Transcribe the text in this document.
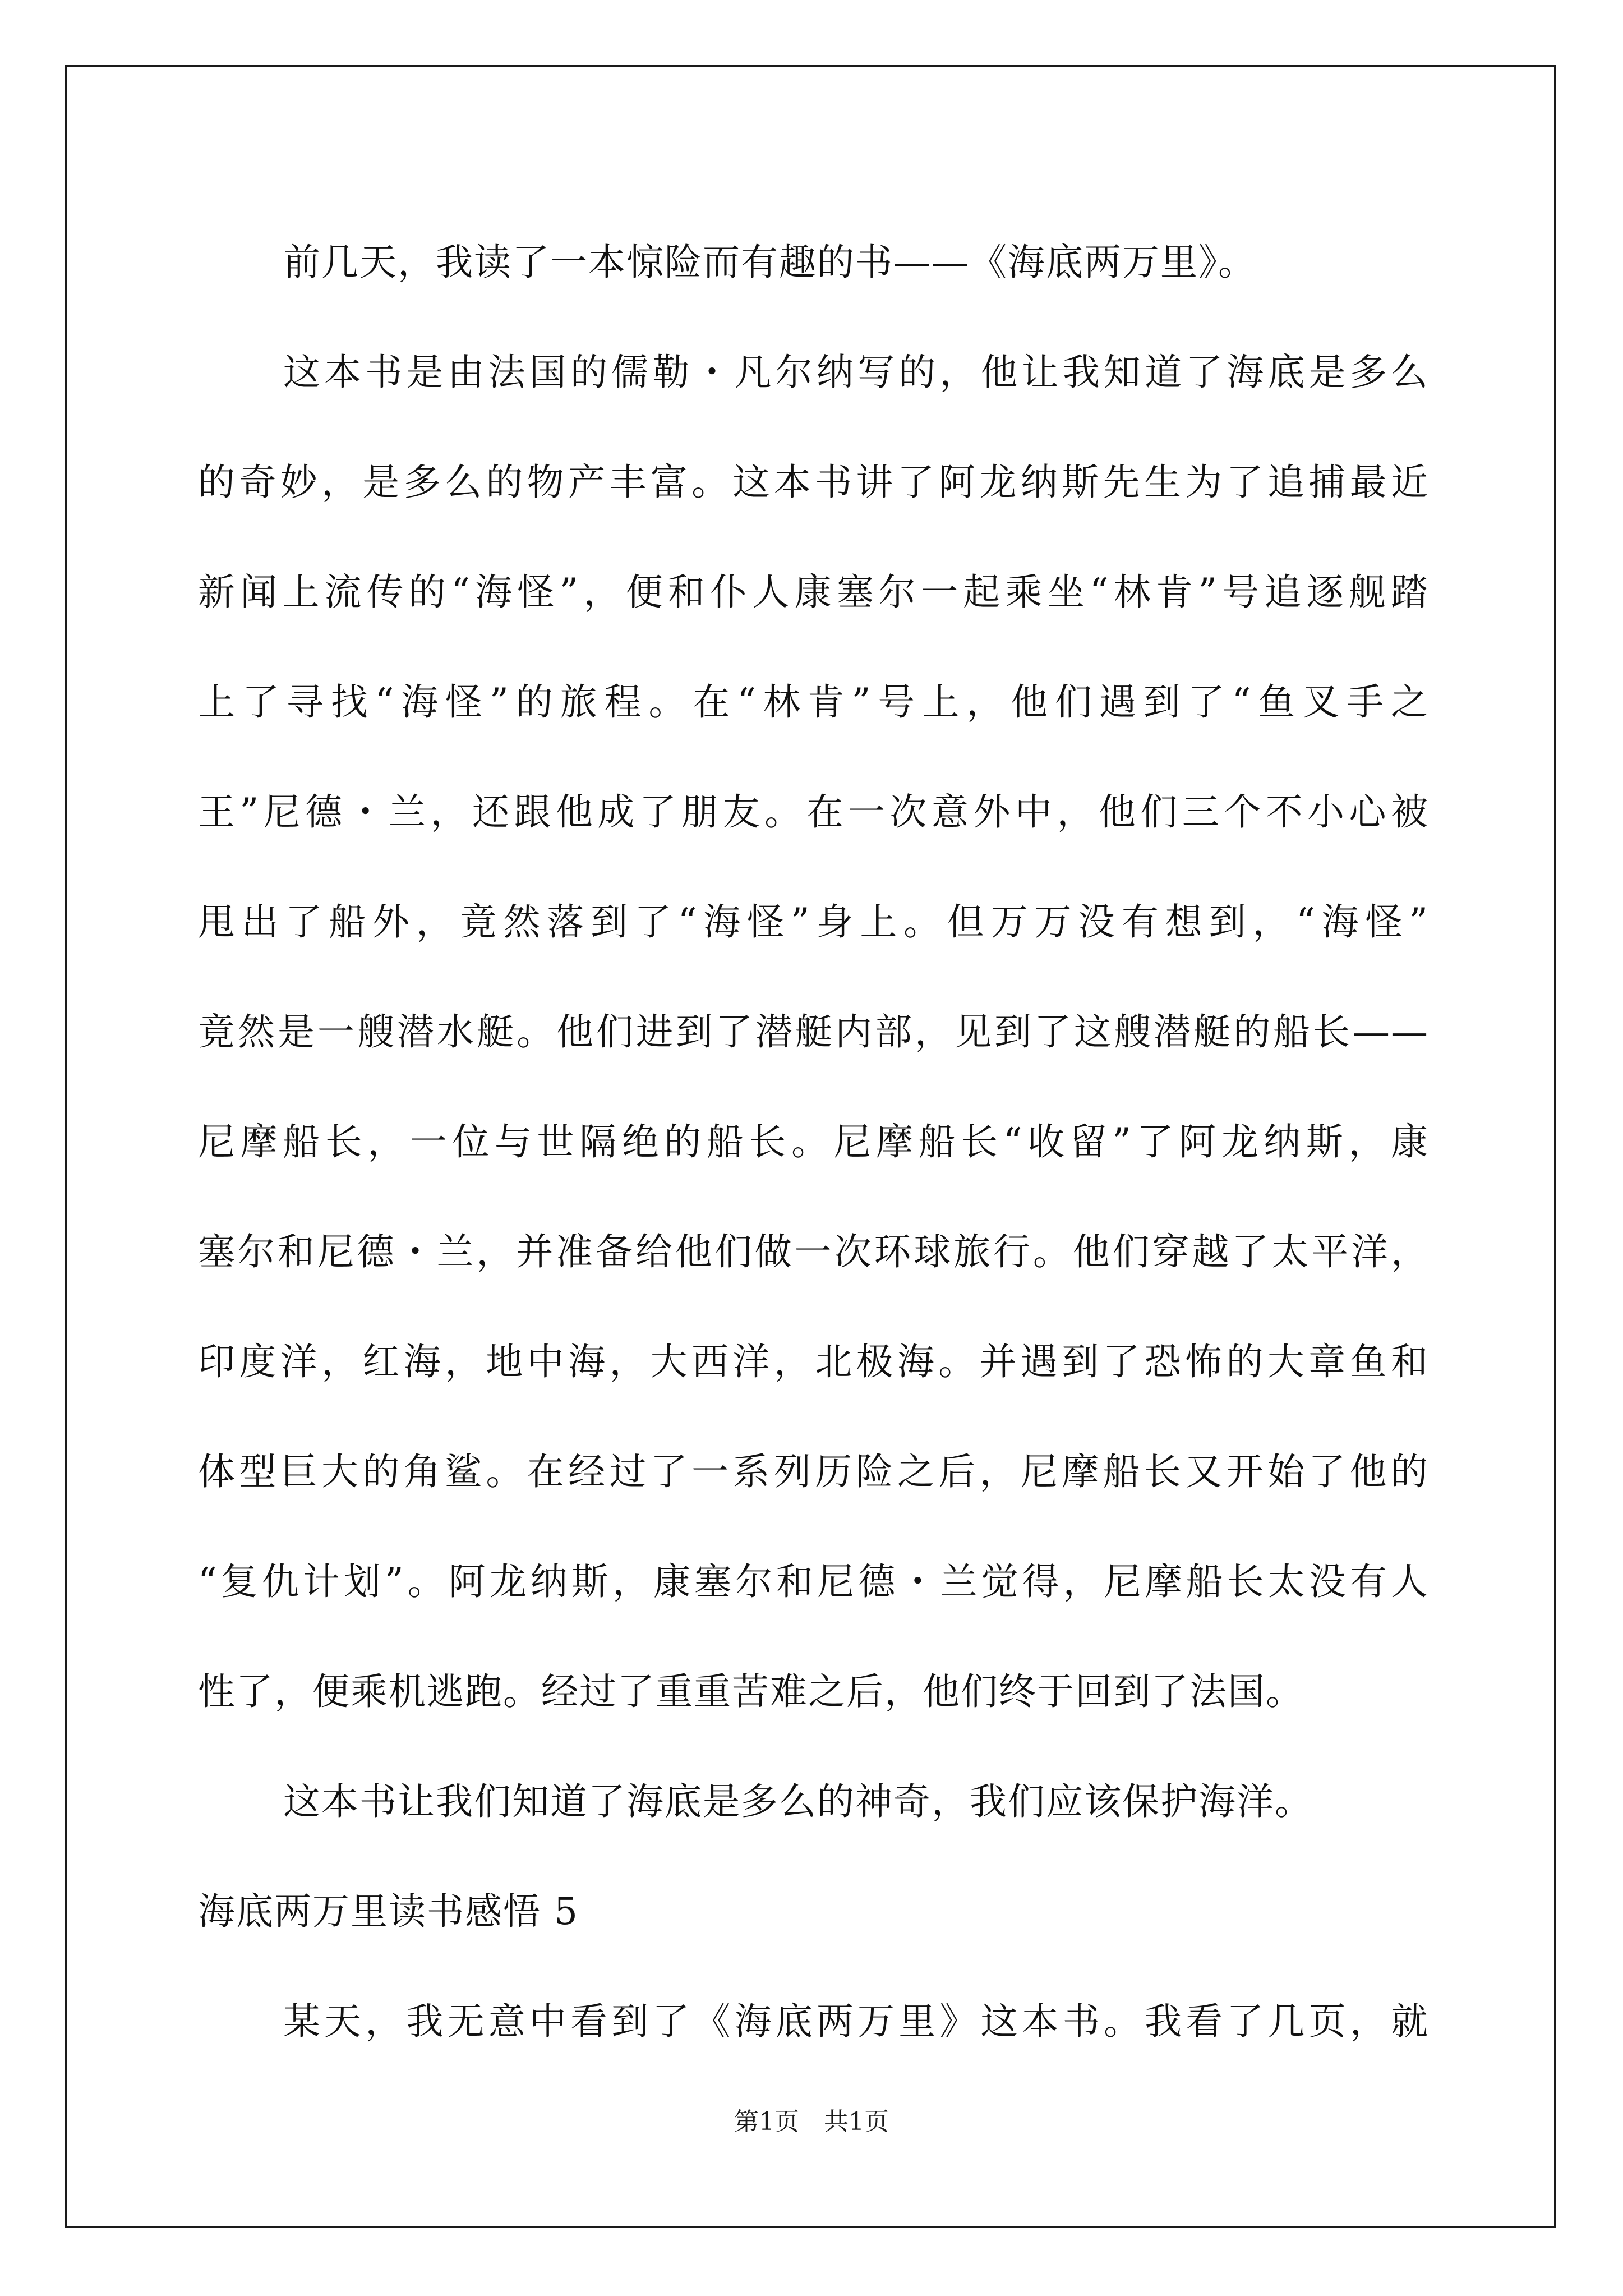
前几天，我读了一本惊险而有趣的书——《海底两万里》。
这本书是由法国的儒勒・凡尔纳写的，他让我知道了海底是多么
的奇妙，是多么的物产丰富。这本书讲了阿龙纳斯先生为了追捕最近
新闻上流传的“海怪”，便和仆人康塞尔一起乘坐“林肯”号追逐舰踏
上了寻找“海怪”的旅程。在“林肯”号上，他们遇到了“鱼叉手之
王”尼德・兰，还跟他成了朋友。在一次意外中，他们三个不小心被
甩出了船外，竟然落到了“海怪”身上。但万万没有想到，“海怪”
竟然是一艘潜水艇。他们进到了潜艇内部，见到了这艘潜艇的船长——
尼摩船长，一位与世隔绝的船长。尼摩船长“收留”了阿龙纳斯，康
塞尔和尼德・兰，并准备给他们做一次环球旅行。他们穿越了太平洋，
印度洋，红海，地中海，大西洋，北极海。并遇到了恐怖的大章鱼和
体型巨大的角鲨。在经过了一系列历险之后，尼摩船长又开始了他的
“复仇计划”。阿龙纳斯，康塞尔和尼德・兰觉得，尼摩船长太没有人
性了，便乘机逃跑。经过了重重苦难之后，他们终于回到了法国。
这本书让我们知道了海底是多么的神奇，我们应该保护海洋。
海底两万里读书感悟 5
某天，我无意中看到了《海底两万里》这本书。我看了几页，就
第1页　共1页
